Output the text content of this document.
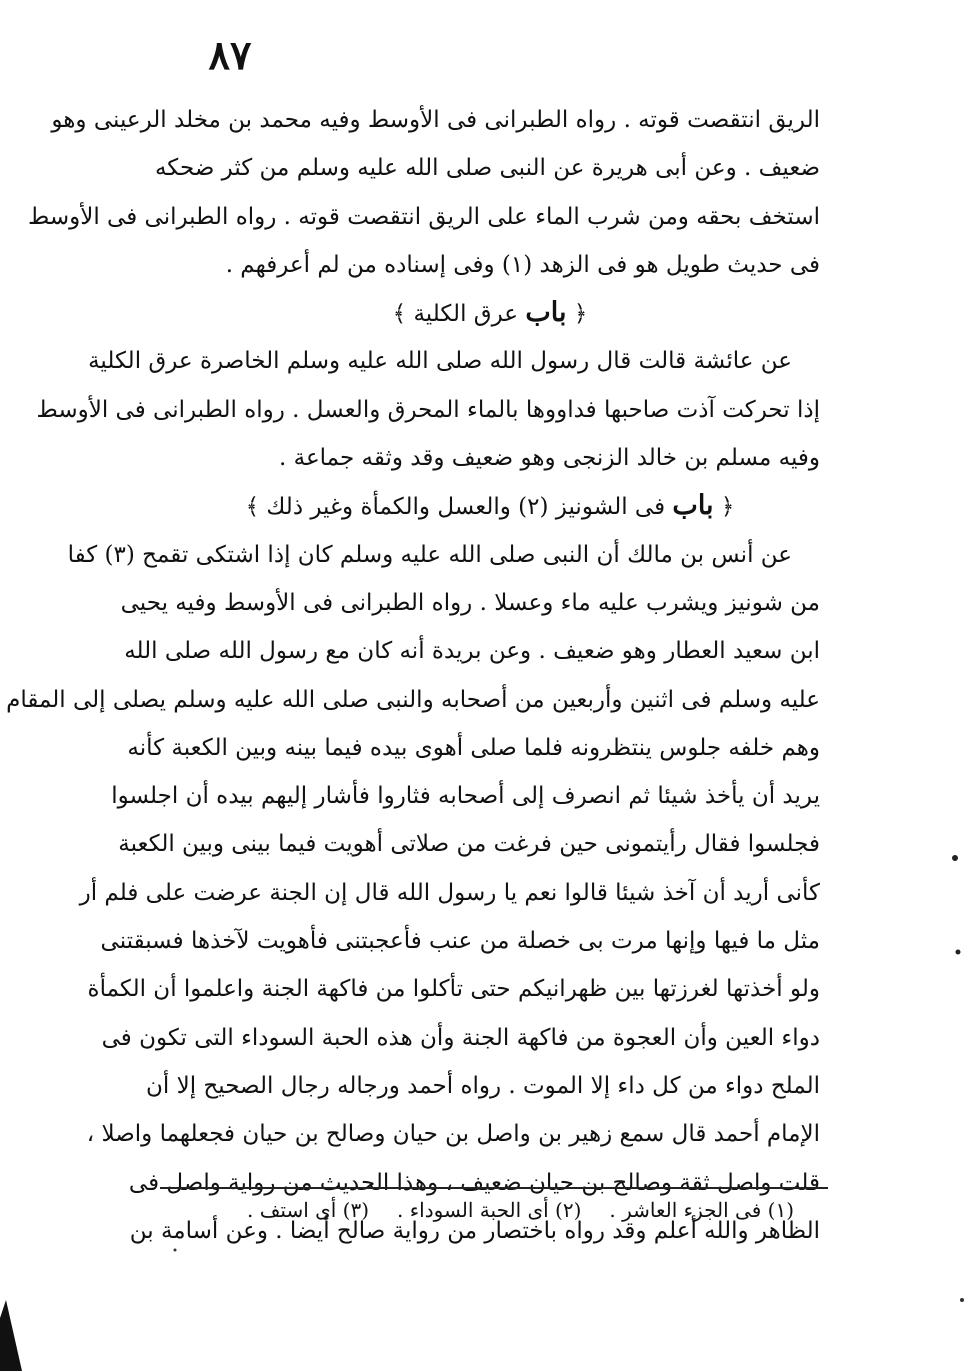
٨٧
الريق انتقصت قوته . رواه الطبرانى فى الأوسط وفيه محمد بن مخلد الرعينى وهو
ضعيف . وعن أبى هريرة عن النبى صلى الله عليه وسلم من كثر ضحكه
استخف بحقه ومن شرب الماء على الريق انتقصت قوته . رواه الطبرانى فى الأوسط
فى حديث طويل هو فى الزهد (١) وفى إسناده من لم أعرفهم .
﴿ باب عرق الكلية ﴾
عن عائشة قالت قال رسول الله صلى الله عليه وسلم الخاصرة عرق الكلية
إذا تحركت آذت صاحبها فداووها بالماء المحرق والعسل . رواه الطبرانى فى الأوسط
وفيه مسلم بن خالد الزنجى وهو ضعيف وقد وثقه جماعة .
﴿ باب فى الشونيز (٢) والعسل والكمأة وغير ذلك ﴾
عن أنس بن مالك أن النبى صلى الله عليه وسلم كان إذا اشتكى تقمح (٣) كفا
من شونيز ويشرب عليه ماء وعسلا . رواه الطبرانى فى الأوسط وفيه يحيى
ابن سعيد العطار وهو ضعيف . وعن بريدة أنه كان مع رسول الله صلى الله
عليه وسلم فى اثنين وأربعين من أصحابه والنبى صلى الله عليه وسلم يصلى إلى المقام
وهم خلفه جلوس ينتظرونه فلما صلى أهوى بيده فيما بينه وبين الكعبة كأنه
يريد أن يأخذ شيئا ثم انصرف إلى أصحابه فثاروا فأشار إليهم بيده أن اجلسوا
فجلسوا فقال رأيتمونى حين فرغت من صلاتى أهويت فيما بينى وبين الكعبة
كأنى أريد أن آخذ شيئا قالوا نعم يا رسول الله قال إن الجنة عرضت على فلم أر
مثل ما فيها وإنها مرت بى خصلة من عنب فأعجبتنى فأهويت لآخذها فسبقتنى
ولو أخذتها لغرزتها بين ظهرانيكم حتى تأكلوا من فاكهة الجنة واعلموا أن الكمأة
دواء العين وأن العجوة من فاكهة الجنة وأن هذه الحبة السوداء التى تكون فى
الملح دواء من كل داء إلا الموت . رواه أحمد ورجاله رجال الصحيح إلا أن
الإمام أحمد قال سمع زهير بن واصل بن حيان وصالح بن حيان فجعلهما واصلا ،
قلت واصل ثقة وصالح بن حيان ضعيف ، وهذا الحديث من رواية واصل فى
الظاهر والله أعلم وقد رواه باختصار من رواية صالح أيضا . وعن أسامة بن
(١) فى الجزء العاشر .
(٢) أى الحبة السوداء .
(٣) أى استف .
